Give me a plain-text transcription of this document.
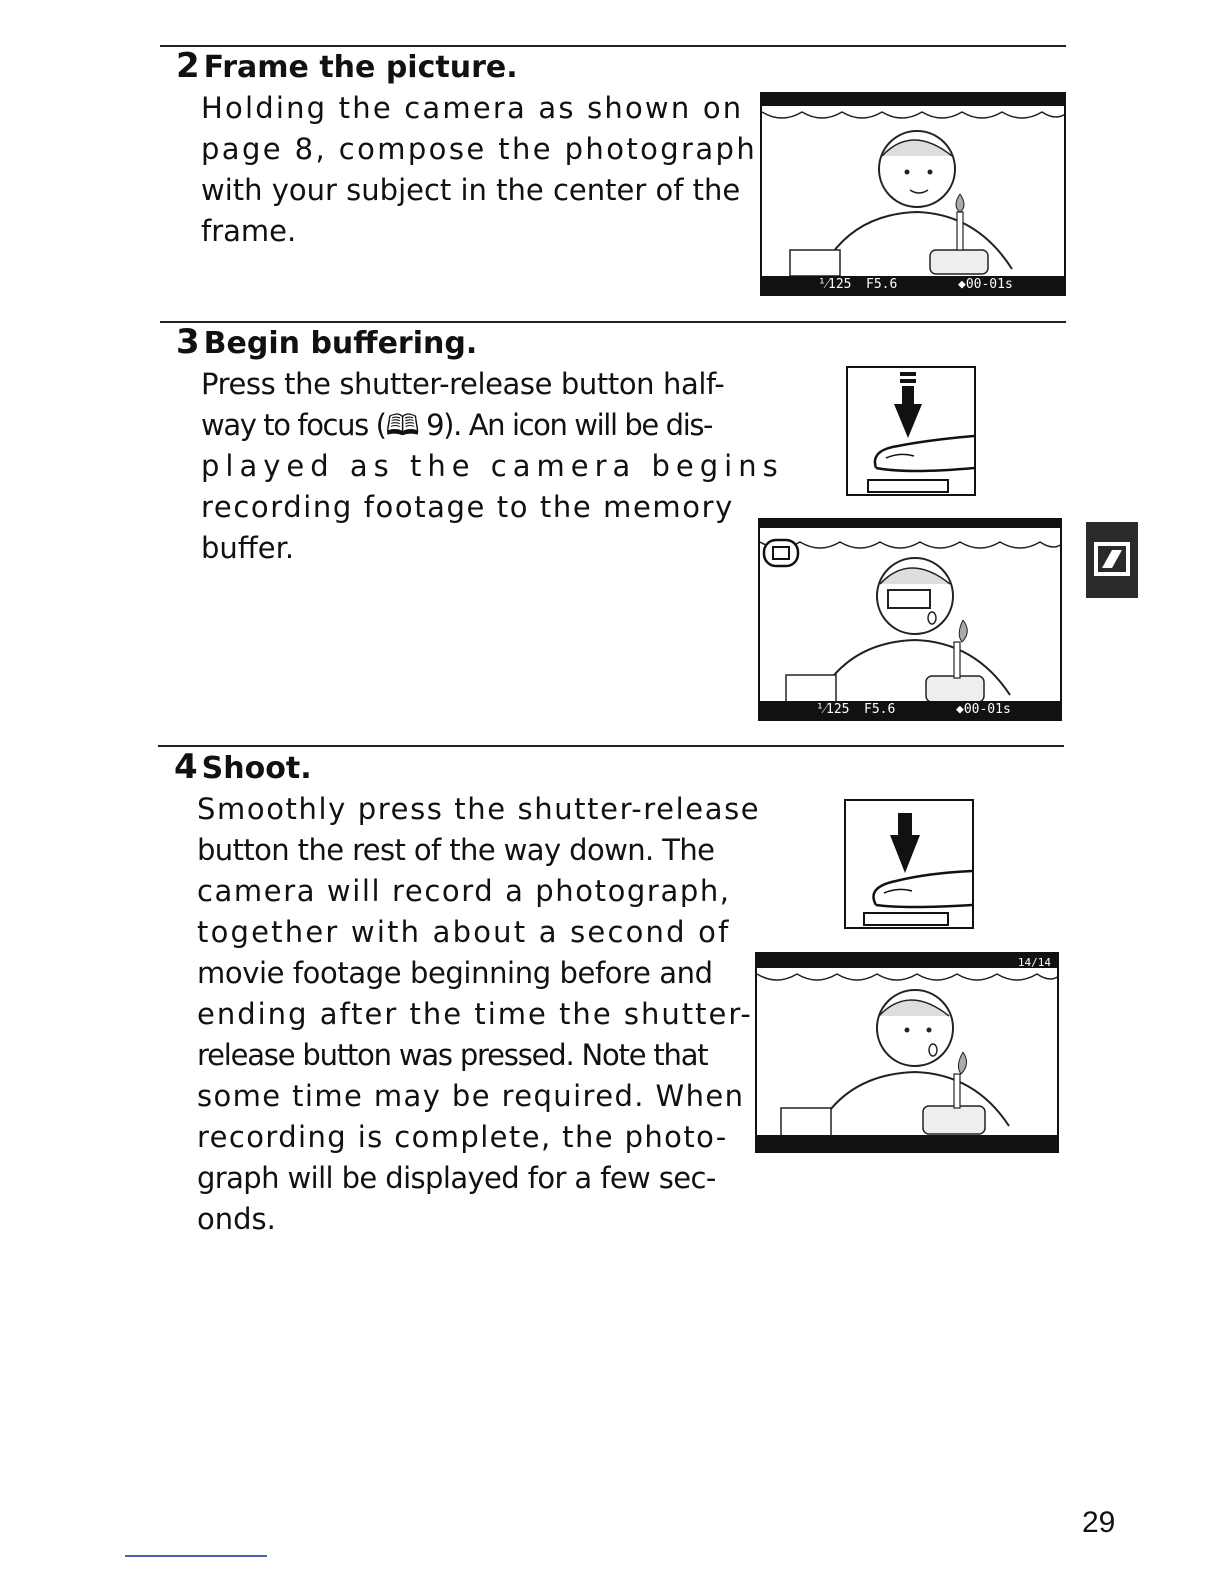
2 Frame the picture.
Holding the camera as shown on
page 8, compose the photograph
with your subject in the center of the
frame.
3 Begin buffering.
Press the shutter-release button half-
way to focus (🕮 9). An icon will be dis-
played as the camera begins
recording footage to the memory
buffer.
4 Shoot.
Smoothly press the shutter-release
button the rest of the way down. The
camera will record a photograph,
together with about a second of
movie footage beginning before and
ending after the time the shutter-
release button was pressed. Note that
some time may be required. When
recording is complete, the photo-
graph will be displayed for a few sec-
onds.
¹⁄125 F5.6	◆00-01s
¹⁄125 F5.6	◆00-01s
14/14
29
